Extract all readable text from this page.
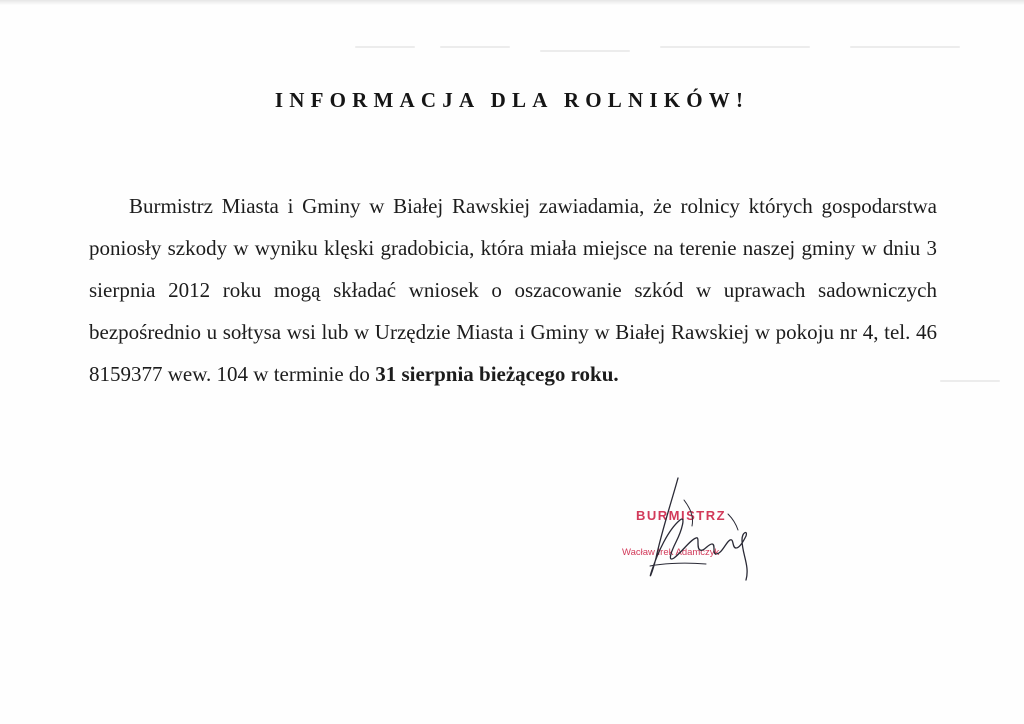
INFORMACJA DLA ROLNIKÓW!

Burmistrz Miasta i Gminy w Białej Rawskiej zawiadamia, że rolnicy których gospodarstwa poniosły szkody w wyniku klęski gradobicia, która miała miejsce na terenie naszej gminy w dniu 3 sierpnia 2012 roku mogą składać wniosek o oszacowanie szkód w uprawach sadowniczych bezpośrednio u sołtysa wsi lub w Urzędzie Miasta i Gminy w Białej Rawskiej w pokoju nr 4, tel. 46 8159377 wew. 104 w terminie do 31 sierpnia bieżącego roku.

BURMISTRZ

Wacław Irek Adamczyk
